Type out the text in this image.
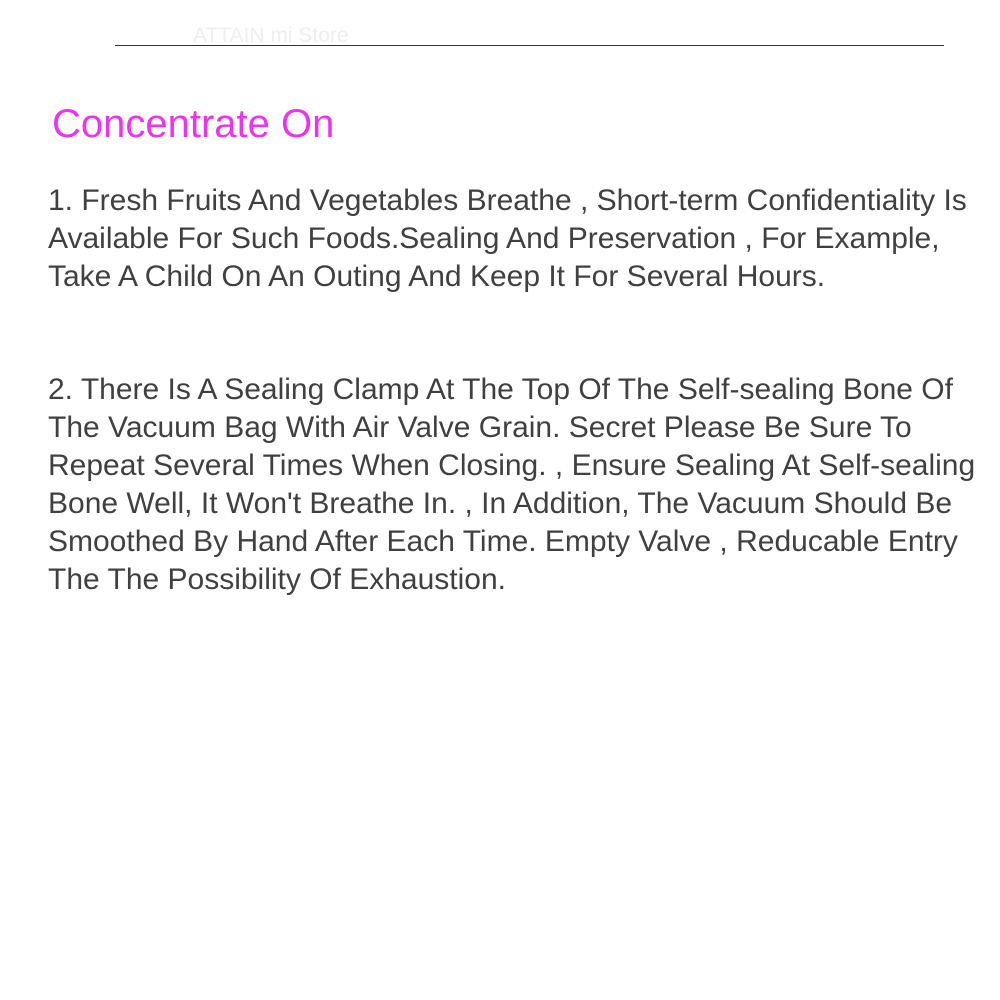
ATTAIN mi Store
Concentrate On

1. Fresh Fruits And Vegetables Breathe , Short-term Confidentiality Is Available For Such Foods.Sealing And Preservation , For Example, Take A Child On An Outing And Keep It For Several Hours.

2. There Is A Sealing Clamp At The Top Of The Self-sealing Bone Of The Vacuum Bag With Air Valve Grain. Secret Please Be Sure To Repeat Several Times When Closing. , Ensure Sealing At Self-sealing Bone Well, It Won't Breathe In. , In Addition, The Vacuum Should Be Smoothed By Hand After Each Time. Empty Valve , Reducable Entry The The Possibility Of Exhaustion.
